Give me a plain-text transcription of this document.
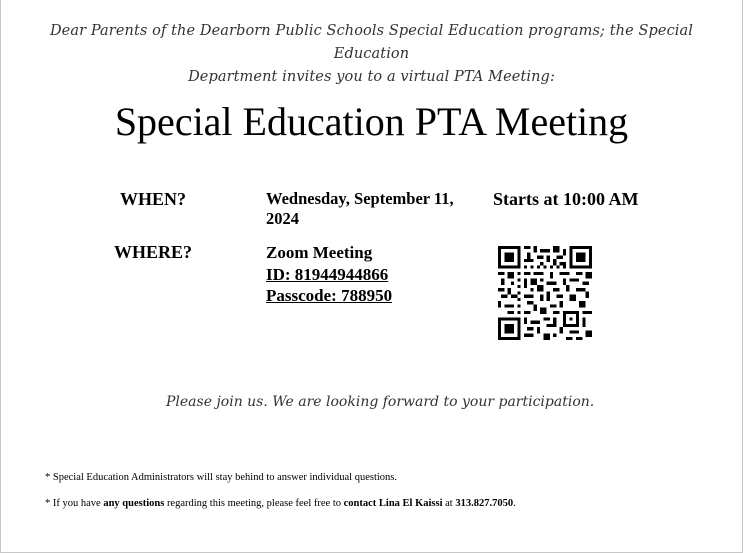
Dear Parents of the Dearborn Public Schools Special Education programs; the Special Education
Department invites you to a virtual PTA Meeting:
Special Education PTA Meeting
WHEN?	Wednesday, September 11, 2024
Starts at 10:00 AM
WHERE?	Zoom Meeting
ID: 81944944866
Passcode: 788950
Please join us. We are looking forward to your participation.
* Special Education Administrators will stay behind to answer individual questions.
* If you have any questions regarding this meeting, please feel free to contact Lina El Kaissi at 313.827.7050.
